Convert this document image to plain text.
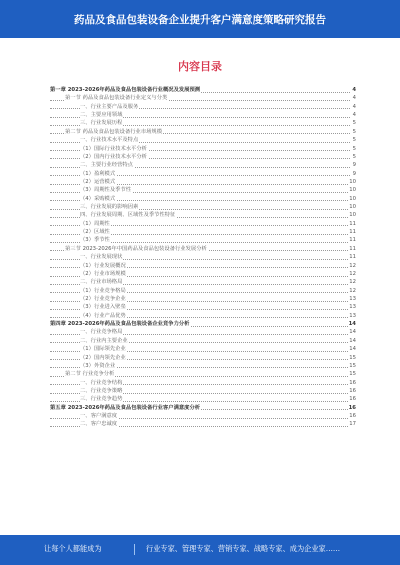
药品及食品包装设备企业提升客户满意度策略研究报告
内容目录
第一章 2023-2026年药品及食品包装设备行业概况及发展预测	4
第一节 药品及食品包装设备行业定义与分类	4
一、行业主要产品及服务	4
二、主要应用领域	4
三、行业发展历程	5
第二节 药品及食品包装设备行业市场规模	5
一、行业技术水平及特点	5
（1）国际行业技术水平分析	5
（2）国内行业技术水平分析	5
二、主要行业经营特点	9
（1）盈利模式	9
（2）运营模式	10
（3）周期性及季节性	10
（4）采购模式	10
三、行业发展的影响因素	10
四、行业发展周期、区域性及季节性特征	10
（1）周期性	11
（2）区域性	11
（3）季节性	11
第三节 2023-2026年中国药品及食品包装设备行业发展分析	11
一、行业发展现状	11
（1）行业发展概况	12
（2）行业市场规模	12
二、行业市场格局	12
（1）行业竞争格局	12
（2）行业竞争企业	13
（3）行业进入壁垒	13
（4）行业产品优势	13
第四章 2023-2026年药品及食品包装设备企业竞争力分析	14
一、行业竞争格局	14
二、行业内主要企业	14
（1）国际领先企业	14
（2）国内领先企业	15
（3）外资企业	15
第二节 行业竞争分析	15
一、行业竞争结构	16
二、行业竞争策略	16
三、行业竞争趋势	16
第五章 2023-2026年药品及食品包装设备行业客户满意度分析	16
一、客户满意度	16
二、客户忠诚度	17
让每个人都能成为	行业专家、管理专家、营销专家、战略专家、成为企业家……
